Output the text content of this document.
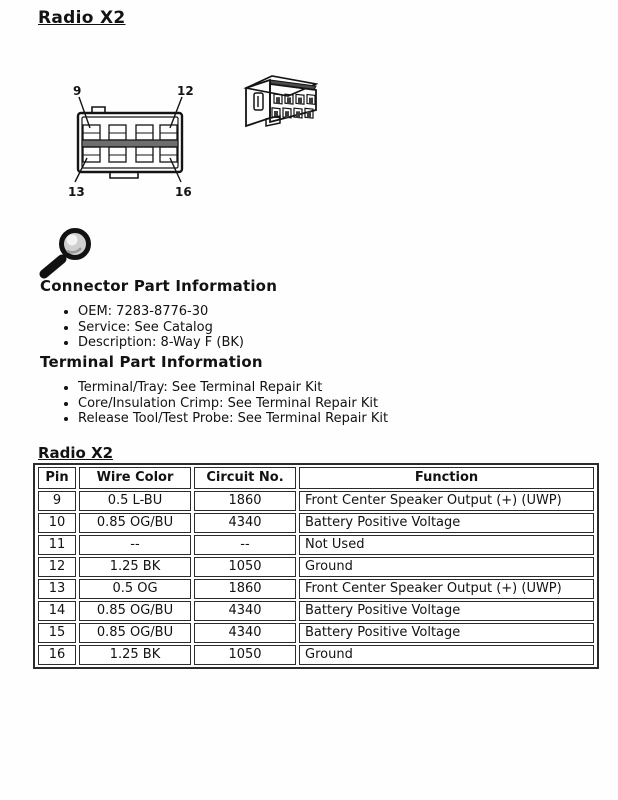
Radio X2
9	12
13	16
Connector Part Information
• OEM: 7283-8776-30
• Service: See Catalog
• Description: 8-Way F (BK)
Terminal Part Information
• Terminal/Tray: See Terminal Repair Kit
• Core/Insulation Crimp: See Terminal Repair Kit
• Release Tool/Test Probe: See Terminal Repair Kit
Radio X2
Pin	Wire Color	Circuit No.	Function
9	0.5 L-BU	1860	Front Center Speaker Output (+) (UWP)
10	0.85 OG/BU	4340	Battery Positive Voltage
11	--	--	Not Used
12	1.25 BK	1050	Ground
13	0.5 OG	1860	Front Center Speaker Output (+) (UWP)
14	0.85 OG/BU	4340	Battery Positive Voltage
15	0.85 OG/BU	4340	Battery Positive Voltage
16	1.25 BK	1050	Ground
